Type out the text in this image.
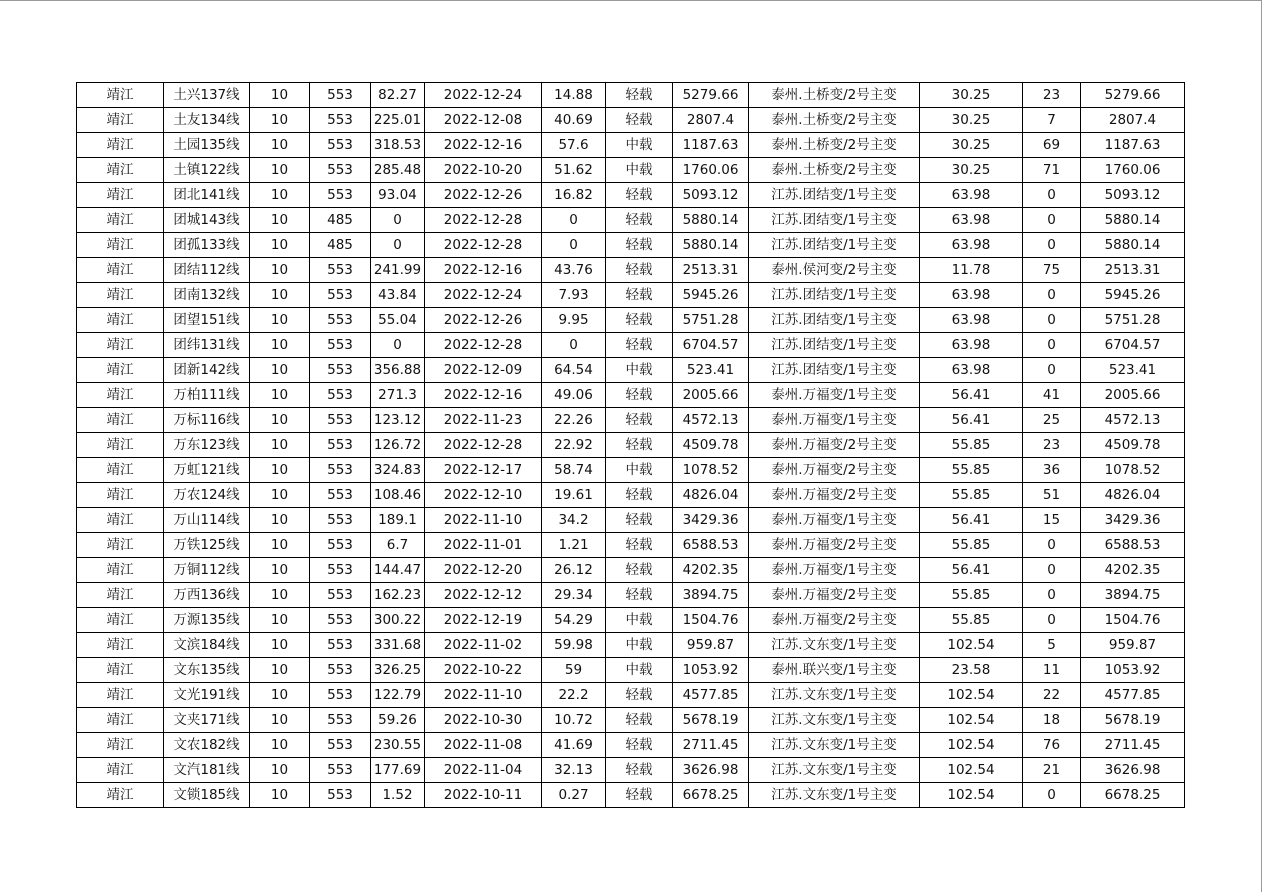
靖江	土兴137线	10	553	82.27	2022-12-24	14.88	轻载	5279.66	泰州.土桥变/2号主变	30.25	23	5279.66
靖江	土友134线	10	553	225.01	2022-12-08	40.69	轻载	2807.4	泰州.土桥变/2号主变	30.25	7	2807.4
靖江	土园135线	10	553	318.53	2022-12-16	57.6	中载	1187.63	泰州.土桥变/2号主变	30.25	69	1187.63
靖江	土镇122线	10	553	285.48	2022-10-20	51.62	中载	1760.06	泰州.土桥变/2号主变	30.25	71	1760.06
靖江	团北141线	10	553	93.04	2022-12-26	16.82	轻载	5093.12	江苏.团结变/1号主变	63.98	0	5093.12
靖江	团城143线	10	485	0	2022-12-28	0	轻载	5880.14	江苏.团结变/1号主变	63.98	0	5880.14
靖江	团孤133线	10	485	0	2022-12-28	0	轻载	5880.14	江苏.团结变/1号主变	63.98	0	5880.14
靖江	团结112线	10	553	241.99	2022-12-16	43.76	轻载	2513.31	泰州.侯河变/2号主变	11.78	75	2513.31
靖江	团南132线	10	553	43.84	2022-12-24	7.93	轻载	5945.26	江苏.团结变/1号主变	63.98	0	5945.26
靖江	团望151线	10	553	55.04	2022-12-26	9.95	轻载	5751.28	江苏.团结变/1号主变	63.98	0	5751.28
靖江	团纬131线	10	553	0	2022-12-28	0	轻载	6704.57	江苏.团结变/1号主变	63.98	0	6704.57
靖江	团新142线	10	553	356.88	2022-12-09	64.54	中载	523.41	江苏.团结变/1号主变	63.98	0	523.41
靖江	万柏111线	10	553	271.3	2022-12-16	49.06	轻载	2005.66	泰州.万福变/1号主变	56.41	41	2005.66
靖江	万标116线	10	553	123.12	2022-11-23	22.26	轻载	4572.13	泰州.万福变/1号主变	56.41	25	4572.13
靖江	万东123线	10	553	126.72	2022-12-28	22.92	轻载	4509.78	泰州.万福变/2号主变	55.85	23	4509.78
靖江	万虹121线	10	553	324.83	2022-12-17	58.74	中载	1078.52	泰州.万福变/2号主变	55.85	36	1078.52
靖江	万农124线	10	553	108.46	2022-12-10	19.61	轻载	4826.04	泰州.万福变/2号主变	55.85	51	4826.04
靖江	万山114线	10	553	189.1	2022-11-10	34.2	轻载	3429.36	泰州.万福变/1号主变	56.41	15	3429.36
靖江	万铁125线	10	553	6.7	2022-11-01	1.21	轻载	6588.53	泰州.万福变/2号主变	55.85	0	6588.53
靖江	万铜112线	10	553	144.47	2022-12-20	26.12	轻载	4202.35	泰州.万福变/1号主变	56.41	0	4202.35
靖江	万西136线	10	553	162.23	2022-12-12	29.34	轻载	3894.75	泰州.万福变/2号主变	55.85	0	3894.75
靖江	万源135线	10	553	300.22	2022-12-19	54.29	中载	1504.76	泰州.万福变/2号主变	55.85	0	1504.76
靖江	文滨184线	10	553	331.68	2022-11-02	59.98	中载	959.87	江苏.文东变/1号主变	102.54	5	959.87
靖江	文东135线	10	553	326.25	2022-10-22	59	中载	1053.92	泰州.联兴变/1号主变	23.58	11	1053.92
靖江	文光191线	10	553	122.79	2022-11-10	22.2	轻载	4577.85	江苏.文东变/1号主变	102.54	22	4577.85
靖江	文夹171线	10	553	59.26	2022-10-30	10.72	轻载	5678.19	江苏.文东变/1号主变	102.54	18	5678.19
靖江	文农182线	10	553	230.55	2022-11-08	41.69	轻载	2711.45	江苏.文东变/1号主变	102.54	76	2711.45
靖江	文汽181线	10	553	177.69	2022-11-04	32.13	轻载	3626.98	江苏.文东变/1号主变	102.54	21	3626.98
靖江	文锁185线	10	553	1.52	2022-10-11	0.27	轻载	6678.25	江苏.文东变/1号主变	102.54	0	6678.25
